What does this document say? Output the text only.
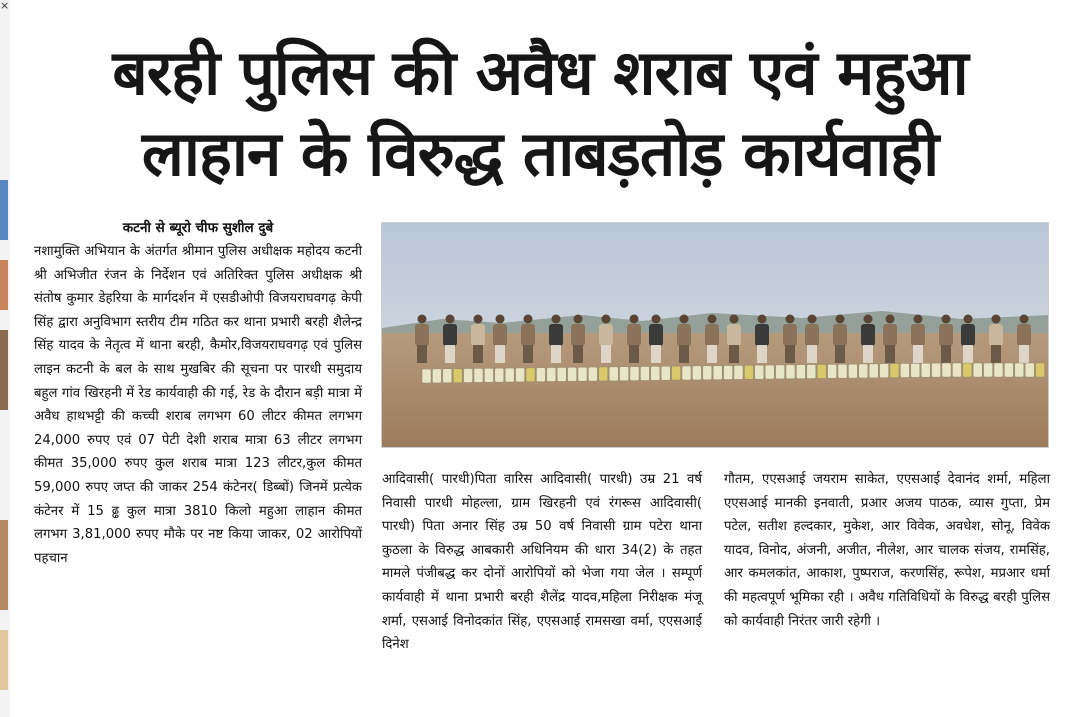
×
बरही पुलिस की अवैध शराब एवं महुआ
लाहान के विरुद्ध ताबड़तोड़ कार्यवाही
कटनी से ब्यूरो चीफ सुशील दुबे
नशामुक्ति अभियान के अंतर्गत श्रीमान पुलिस अधीक्षक महोदय कटनी श्री अभिजीत रंजन के निर्देशन एवं अतिरिक्त पुलिस अधीक्षक श्री संतोष कुमार डेहरिया के मार्गदर्शन में एसडीओपी विजयराघवगढ़ केपी सिंह द्वारा अनुविभाग स्तरीय टीम गठित कर थाना प्रभारी बरही शैलेन्द्र सिंह यादव के नेतृत्व में थाना बरही, कैमोर,विजयराघवगढ़ एवं पुलिस लाइन कटनी के बल के साथ मुखबिर की सूचना पर पारधी समुदाय बहुल गांव खिरहनी में रेड कार्यवाही की गई, रेड के दौरान बड़ी मात्रा में अवैध हाथभट्टी की कच्ची शराब लगभग 60 लीटर कीमत लगभग 24,000 रुपए एवं 07 पेटी देशी शराब मात्रा 63 लीटर लगभग कीमत 35,000 रुपए कुल शराब मात्रा 123 लीटर,कुल कीमत 59,000 रुपए जप्त की जाकर 254 कंटेनर( डिब्बों) जिनमें प्रत्येक कंटेनर में 15 ढ्ढ कुल मात्रा 3810 किलो महुआ लाहान कीमत लगभग 3,81,000 रुपए मौके पर नष्ट किया जाकर, 02 आरोपियों पहचान
आदिवासी( पारधी)पिता वारिस आदिवासी( पारधी) उम्र 21 वर्ष निवासी पारधी मोहल्ला, ग्राम खिरहनी एवं रंगरूस आदिवासी( पारधी) पिता अनार सिंह उम्र 50 वर्ष निवासी ग्राम पटेरा थाना कुठला के विरुद्ध आबकारी अधिनियम की धारा 34(2) के तहत मामले पंजीबद्ध कर दोनों आरोपियों को भेजा गया जेल । सम्पूर्ण कार्यवाही में थाना प्रभारी बरही शैलेंद्र यादव,महिला निरीक्षक मंजू शर्मा, एसआई विनोदकांत सिंह, एएसआई रामसखा वर्मा, एएसआई दिनेश
गौतम, एएसआई जयराम साकेत, एएसआई देवानंद शर्मा, महिला एएसआई मानकी इनवाती, प्रआर अजय पाठक, व्यास गुप्ता, प्रेम पटेल, सतीश हल्दकार, मुकेश, आर विवेक, अवधेश, सोनू, विवेक यादव, विनोद, अंजनी, अजीत, नीलेश, आर चालक संजय, रामसिंह, आर कमलकांत, आकाश, पुष्पराज, करणसिंह, रूपेश, मप्रआर धर्मा की महत्वपूर्ण भूमिका रही । अवैध गतिविधियों के विरुद्ध बरही पुलिस को कार्यवाही निरंतर जारी रहेगी ।
